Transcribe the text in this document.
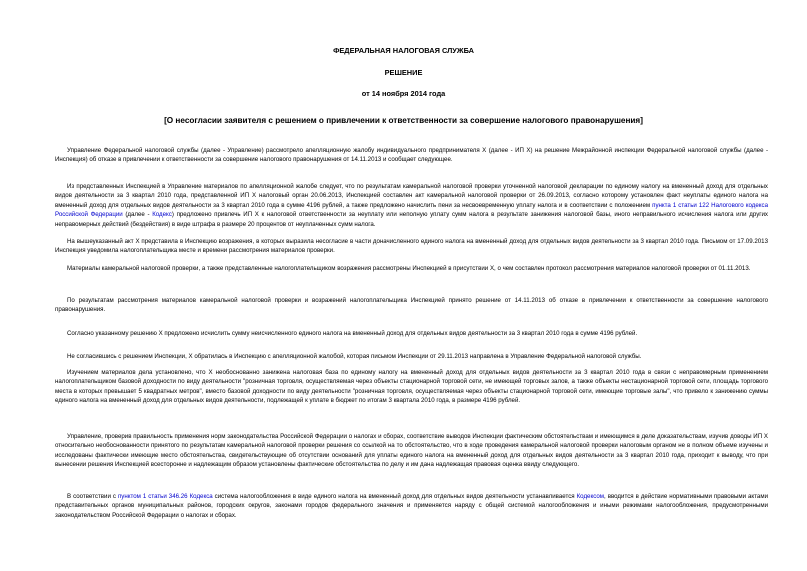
ФЕДЕРАЛЬНАЯ НАЛОГОВАЯ СЛУЖБА
РЕШЕНИЕ
от 14 ноября 2014 года
[О несогласии заявителя с решением о привлечении к ответственности за совершение налогового правонарушения]

Управление Федеральной налоговой службы (далее - Управление) рассмотрело апелляционную жалобу индивидуального предпринимателя Х (далее - ИП Х) на решение Межрайонной инспекции Федеральной налоговой службы (далее - Инспекция) об отказе в привлечении к ответственности за совершение налогового правонарушения от 14.11.2013 и сообщает следующее.

Из представленных Инспекцией в Управление материалов по апелляционной жалобе следует, что по результатам камеральной налоговой проверки уточненной налоговой декларации по единому налогу на вмененный доход для отдельных видов деятельности за 3 квартал 2010 года, представленной ИП Х налоговый орган 20.06.2013, Инспекцией составлен акт камеральной налоговой проверки от 26.09.2013, согласно которому установлен факт неуплаты единого налога на вмененный доход для отдельных видов деятельности за 3 квартал 2010 года в сумме 4196 рублей, а также предложено начислить пени за несвоевременную уплату налога и в соответствии с положением пункта 1 статьи 122 Налогового кодекса Российской Федерации (далее - Кодекс) предложено привлечь ИП Х к налоговой ответственности за неуплату или неполную уплату сумм налога в результате занижения налоговой базы, иного неправильного исчисления налога или других неправомерных действий (бездействия) в виде штрафа в размере 20 процентов от неуплаченных сумм налога.

На вышеуказанный акт Х представила в Инспекцию возражения, в которых выразила несогласие в части доначисленного единого налога на вмененный доход для отдельных видов деятельности за 3 квартал 2010 года. Письмом от 17.09.2013 Инспекция уведомила налогоплательщика месте и времени рассмотрения материалов проверки.

Материалы камеральной налоговой проверки, а также представленные налогоплательщиком возражения рассмотрены Инспекцией в присутствии Х, о чем составлен протокол рассмотрения материалов налоговой проверки от 01.11.2013.

По результатам рассмотрения материалов камеральной налоговой проверки и возражений налогоплательщика Инспекцией принято решение от 14.11.2013 об отказе в привлечении к ответственности за совершение налогового правонарушения.

Согласно указанному решению Х предложено исчислить сумму неисчисленного единого налога на вмененный доход для отдельных видов деятельности за 3 квартал 2010 года в сумме 4196 рублей.

Не согласившись с решением Инспекции, Х обратилась в Инспекцию с апелляционной жалобой, которая письмом Инспекции от 29.11.2013 направлена в Управление Федеральной налоговой службы.

Изучением материалов дела установлено, что Х необоснованно занижена налоговая база по единому налогу на вмененный доход для отдельных видов деятельности за 3 квартал 2010 года в связи с неправомерным применением налогоплательщиком базовой доходности по виду деятельности "розничная торговля, осуществляемая через объекты стационарной торговой сети, не имеющей торговых залов, а также объекты нестационарной торговой сети, площадь торгового места в которых превышает 5 квадратных метров", вместо базовой доходности по виду деятельности "розничная торговля, осуществляемая через объекты стационарной торговой сети, имеющие торговые залы", что привело к занижению суммы единого налога на вмененный доход для отдельных видов деятельности, подлежащей к уплате в бюджет по итогам 3 квартала 2010 года, в размере 4196 рублей.

Управление, проверив правильность применения норм законодательства Российской Федерации о налогах и сборах, соответствие выводов Инспекции фактическим обстоятельствам и имеющимся в деле доказательствам, изучив доводы ИП Х относительно необоснованности принятого по результатам камеральной налоговой проверки решения со ссылкой на то обстоятельство, что в ходе проведения камеральной налоговой проверки налоговым органом не в полном объеме изучены и исследованы фактически имеющие место обстоятельства, свидетельствующие об отсутствии оснований для уплаты единого налога на вмененный доход для отдельных видов деятельности за 3 квартал 2010 года, приходит к выводу, что при вынесении решения Инспекцией всесторонне и надлежащим образом установлены фактические обстоятельства по делу и им дана надлежащая правовая оценка ввиду следующего.

В соответствии с пунктом 1 статьи 346.26 Кодекса система налогообложения в виде единого налога на вмененный доход для отдельных видов деятельности устанавливается Кодексом, вводится в действие нормативными правовыми актами представительных органов муниципальных районов, городских округов, законами городов федерального значения и применяется наряду с общей системой налогообложения и иными режимами налогообложения, предусмотренными законодательством Российской Федерации о налогах и сборах.
